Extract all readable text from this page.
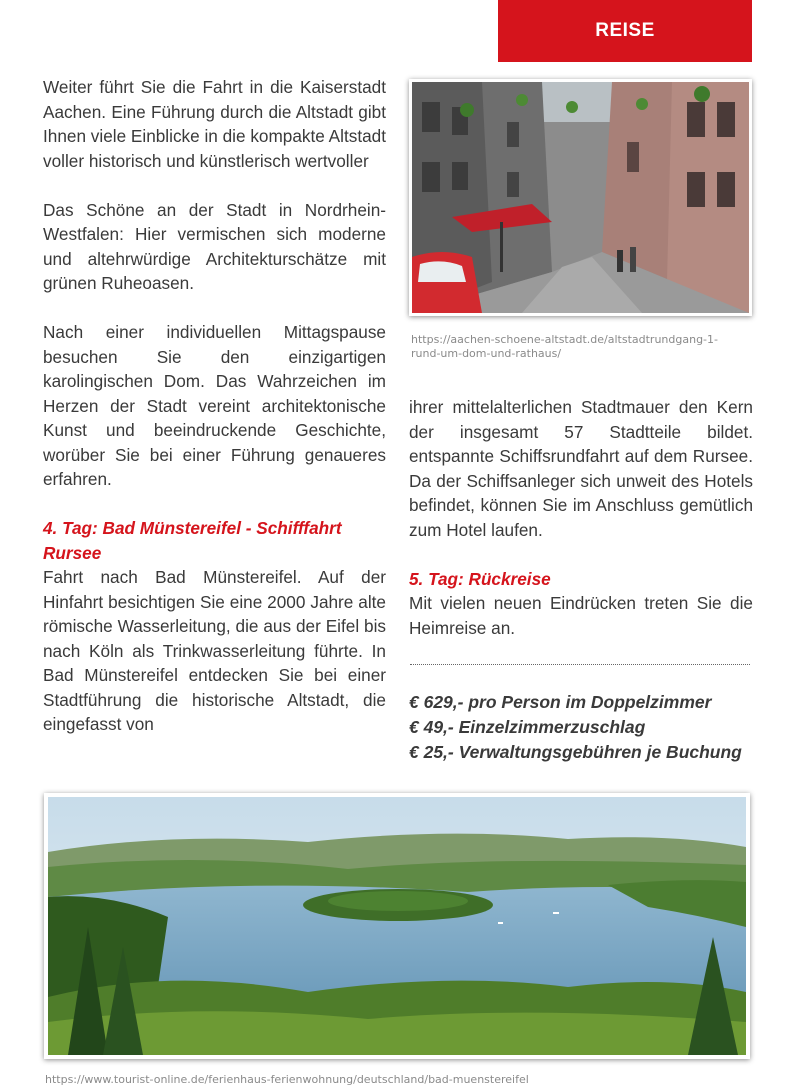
REISE

Weiter führt Sie die Fahrt in die Kaiserstadt Aachen. Eine Führung durch die Altstadt gibt Ihnen viele Einblicke in die kompakte Altstadt voller historisch und künstlerisch wertvoller

Das Schöne an der Stadt in Nordrhein-Westfalen: Hier vermischen sich moderne und altehrwürdige Architekturschätze mit grünen Ruheoasen.

Nach einer individuellen Mittagspause besuchen Sie den einzigartigen karolingischen Dom. Das Wahrzeichen im Herzen der Stadt vereint architektonische Kunst und beeindruckende Geschichte, worüber Sie bei einer Führung genaueres erfahren.

4. Tag: Bad Münstereifel - Schifffahrt Rursee

Fahrt nach Bad Münstereifel. Auf der Hinfahrt besichtigen Sie eine 2000 Jahre alte römische Wasserleitung, die aus der Eifel bis nach Köln als Trinkwasserleitung führte. In Bad Münstereifel entdecken Sie bei einer Stadtführung die historische Altstadt, die eingefasst von

https://aachen-schoene-altstadt.de/altstadtrundgang-1-rund-um-dom-und-rathaus/

ihrer mittelalterlichen Stadtmauer den Kern der insgesamt 57 Stadtteile bildet. entspannte Schiffsrundfahrt auf dem Rursee. Da der Schiffsanleger sich unweit des Hotels befindet, können Sie im Anschluss gemütlich zum Hotel laufen.

5. Tag: Rückreise

Mit vielen neuen Eindrücken treten Sie die Heimreise an.

€ 629,- pro Person im Doppelzimmer
€ 49,- Einzelzimmerzuschlag
€ 25,- Verwaltungsgebühren je Buchung
https://www.tourist-online.de/ferienhaus-ferienwohnung/deutschland/bad-muenstereifel
